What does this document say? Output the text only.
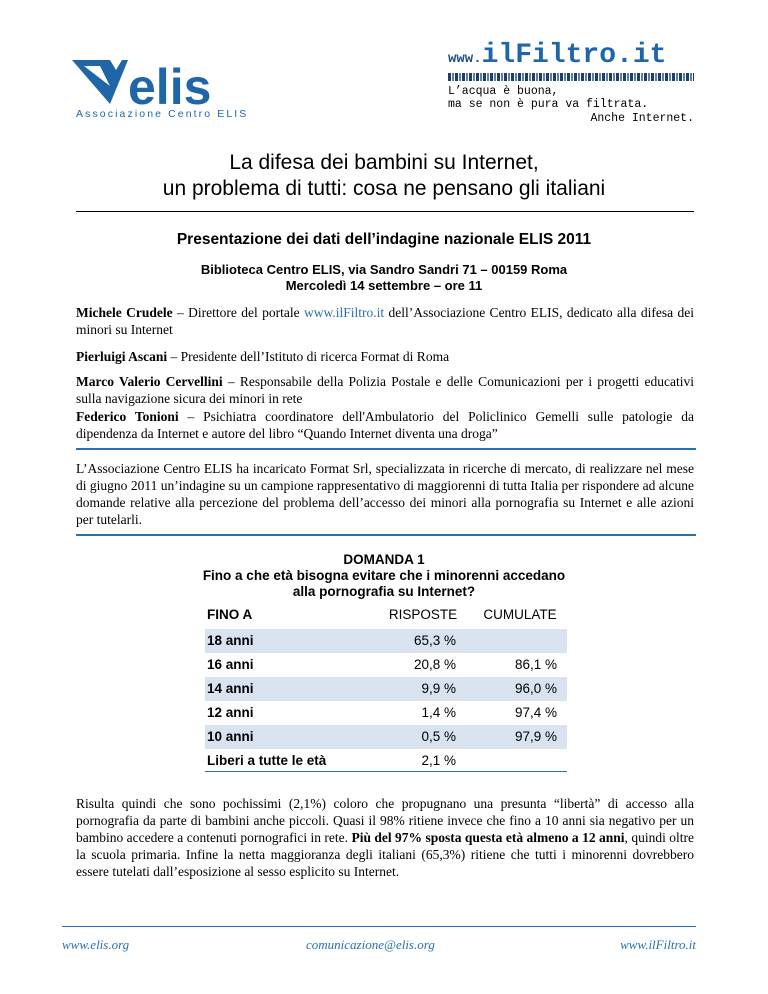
elis
Associazione Centro ELIS
www.ilFiltro.it
L’acqua è buona,
ma se non è pura va filtrata.
Anche Internet.
La difesa dei bambini su Internet,
un problema di tutti: cosa ne pensano gli italiani
Presentazione dei dati dell’indagine nazionale ELIS 2011
Biblioteca Centro ELIS, via Sandro Sandri 71 – 00159 Roma
Mercoledì 14 settembre – ore 11
Michele Crudele – Direttore del portale www.ilFiltro.it dell’Associazione Centro ELIS, dedicato alla difesa dei minori su Internet
Pierluigi Ascani – Presidente dell’Istituto di ricerca Format di Roma
Marco Valerio Cervellini – Responsabile della Polizia Postale e delle Comunicazioni per i progetti educativi sulla navigazione sicura dei minori in rete
Federico Tonioni – Psichiatra coordinatore dell'Ambulatorio del Policlinico Gemelli sulle patologie da dipendenza da Internet e autore del libro “Quando Internet diventa una droga”
L’Associazione Centro ELIS ha incaricato Format Srl, specializzata in ricerche di mercato, di realizzare nel mese di giugno 2011 un’indagine su un campione rappresentativo di maggiorenni di tutta Italia per rispondere ad alcune domande relative alla percezione del problema dell’accesso dei minori alla pornografia su Internet e alle azioni per tutelarli.
DOMANDA 1
Fino a che età bisogna evitare che i minorenni accedano
alla pornografia su Internet?
FINO A	RISPOSTE	CUMULATE
18 anni	65,3 %
16 anni	20,8 %	86,1 %
14 anni	9,9 %	96,0 %
12 anni	1,4 %	97,4 %
10 anni	0,5 %	97,9 %
Liberi a tutte le età	2,1 %
Risulta quindi che sono pochissimi (2,1%) coloro che propugnano una presunta “libertà” di accesso alla pornografia da parte di bambini anche piccoli. Quasi il 98% ritiene invece che fino a 10 anni sia negativo per un bambino accedere a contenuti pornografici in rete. Più del 97% sposta questa età almeno a 12 anni, quindi oltre la scuola primaria. Infine la netta maggioranza degli italiani (65,3%) ritiene che tutti i minorenni dovrebbero essere tutelati dall’esposizione al sesso esplicito su Internet.
www.elis.org	comunicazione@elis.org	www.ilFiltro.it
